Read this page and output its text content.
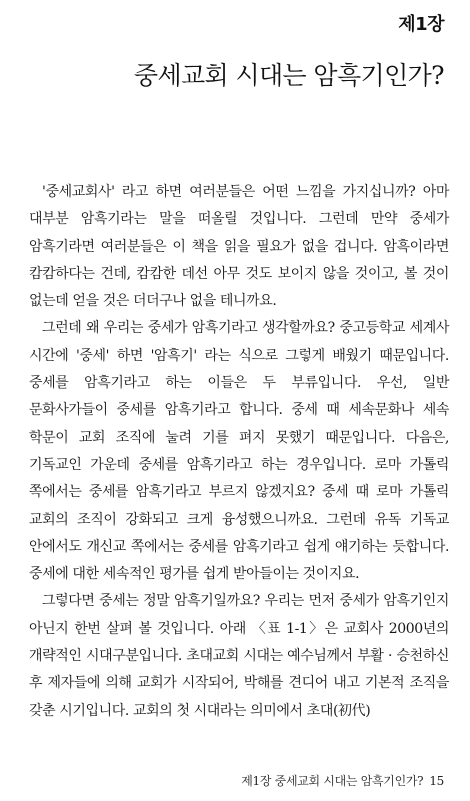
제1장
중세교회 시대는 암흑기인가?

'중세교회사' 라고 하면 여러분들은 어떤 느낌을 가지십니까? 아마 대부분 암흑기라는 말을 떠올릴 것입니다. 그런데 만약 중세가 암흑기라면 여러분들은 이 책을 읽을 필요가 없을 겁니다. 암흑이라면 캄캄하다는 건데, 캄캄한 데선 아무 것도 보이지 않을 것이고, 볼 것이 없는데 얻을 것은 더더구나 없을 테니까요.

그런데 왜 우리는 중세가 암흑기라고 생각할까요? 중고등학교 세계사 시간에 '중세' 하면 '암흑기' 라는 식으로 그렇게 배웠기 때문입니다. 중세를 암흑기라고 하는 이들은 두 부류입니다. 우선, 일반 문화사가들이 중세를 암흑기라고 합니다. 중세 때 세속문화나 세속 학문이 교회 조직에 눌려 기를 펴지 못했기 때문입니다. 다음은, 기독교인 가운데 중세를 암흑기라고 하는 경우입니다. 로마 가톨릭 쪽에서는 중세를 암흑기라고 부르지 않겠지요? 중세 때 로마 가톨릭 교회의 조직이 강화되고 크게 융성했으니까요. 그런데 유독 기독교 안에서도 개신교 쪽에서는 중세를 암흑기라고 쉽게 얘기하는 듯합니다. 중세에 대한 세속적인 평가를 쉽게 받아들이는 것이지요.

그렇다면 중세는 정말 암흑기일까요? 우리는 먼저 중세가 암흑기인지 아닌지 한번 살펴 볼 것입니다. 아래 〈표 1-1〉은 교회사 2000년의 개략적인 시대구분입니다. 초대교회 시대는 예수님께서 부활 · 승천하신 후 제자들에 의해 교회가 시작되어, 박해를 견디어 내고 기본적 조직을 갖춘 시기입니다. 교회의 첫 시대라는 의미에서 초대(初代)

제1장 중세교회 시대는 암흑기인가? 15
